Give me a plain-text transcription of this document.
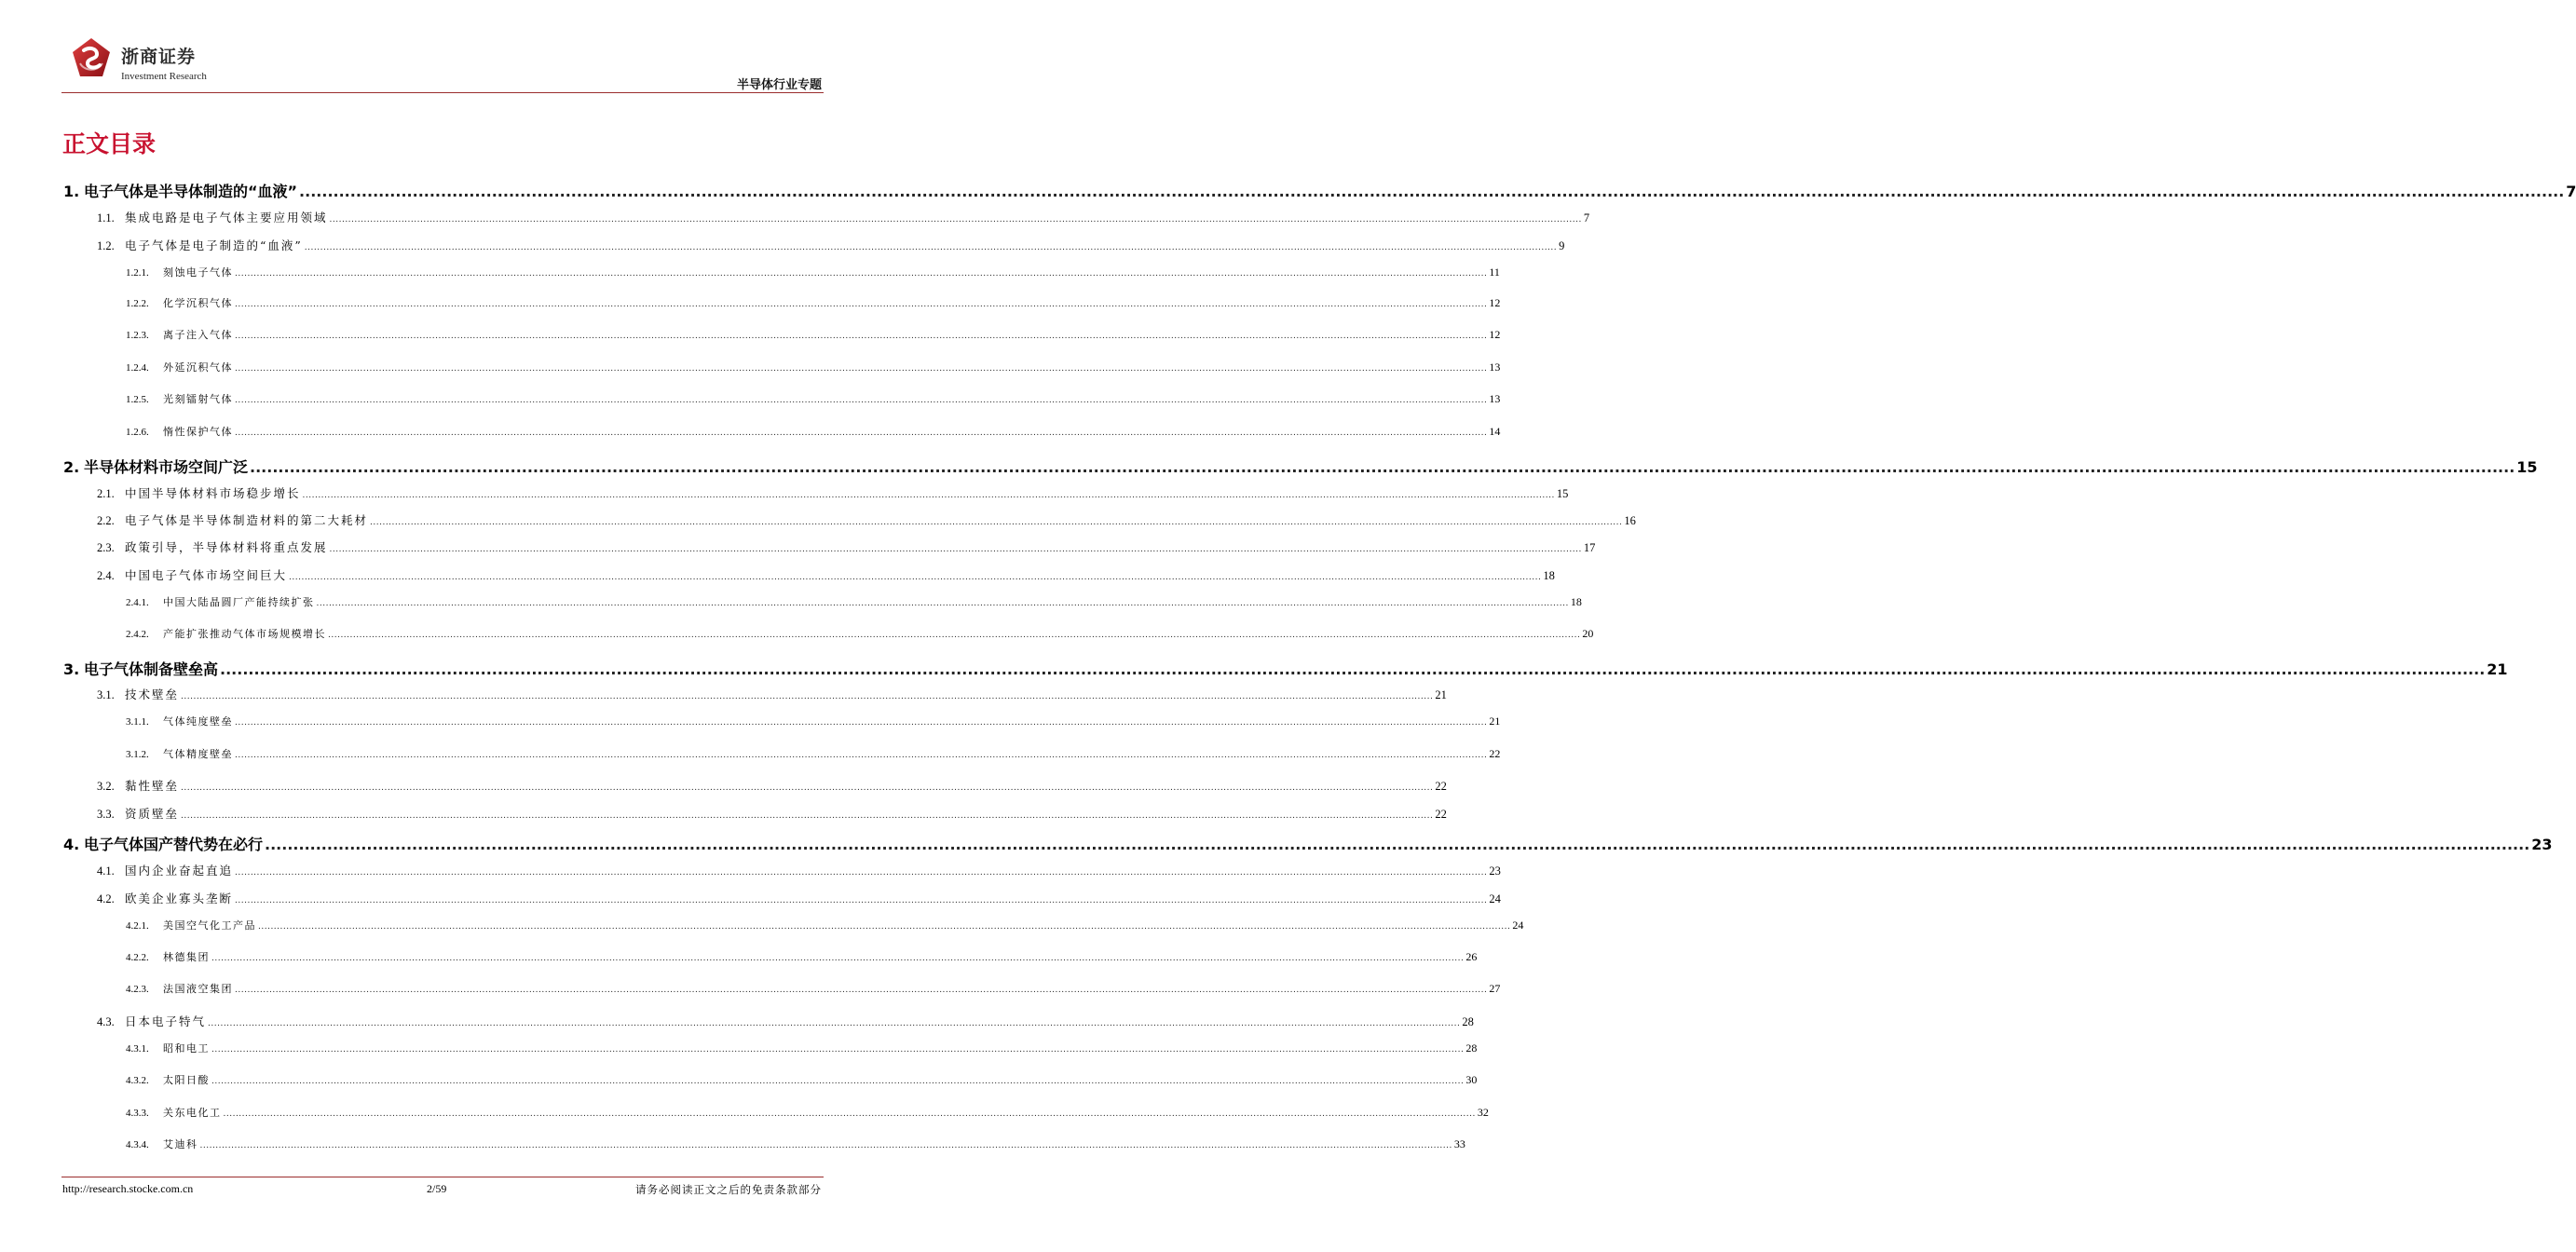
浙商证券
Investment Research
半导体行业专题
正文目录
1. 电子气体是半导体制造的“血液” ................................................................................................................................................................................................................................................................................................................................................................................................................ 7
1.1. 集成电路是电子气体主要应用领域 ................................................................................................................................................................................................................................................................................................................................................................................................................ 7
1.2. 电子气体是电子制造的“血液” ................................................................................................................................................................................................................................................................................................................................................................................................................ 9
1.2.1.	刻蚀电子气体 ................................................................................................................................................................................................................................................................................................................................................................................................................ 11
1.2.2.	化学沉积气体 ................................................................................................................................................................................................................................................................................................................................................................................................................ 12
1.2.3.	离子注入气体 ................................................................................................................................................................................................................................................................................................................................................................................................................ 12
1.2.4.	外延沉积气体 ................................................................................................................................................................................................................................................................................................................................................................................................................ 13
1.2.5.	光刻镭射气体 ................................................................................................................................................................................................................................................................................................................................................................................................................ 13
1.2.6.	惰性保护气体 ................................................................................................................................................................................................................................................................................................................................................................................................................ 14
2. 半导体材料市场空间广泛 ................................................................................................................................................................................................................................................................................................................................................................................................................ 15
2.1. 中国半导体材料市场稳步增长 ................................................................................................................................................................................................................................................................................................................................................................................................................ 15
2.2. 电子气体是半导体制造材料的第二大耗材 ................................................................................................................................................................................................................................................................................................................................................................................................................ 16
2.3. 政策引导，半导体材料将重点发展 ................................................................................................................................................................................................................................................................................................................................................................................................................ 17
2.4. 中国电子气体市场空间巨大 ................................................................................................................................................................................................................................................................................................................................................................................................................ 18
2.4.1.	中国大陆晶圆厂产能持续扩张 ................................................................................................................................................................................................................................................................................................................................................................................................................ 18
2.4.2.	产能扩张推动气体市场规模增长 ................................................................................................................................................................................................................................................................................................................................................................................................................ 20
3. 电子气体制备壁垒高 ................................................................................................................................................................................................................................................................................................................................................................................................................ 21
3.1. 技术壁垒 ................................................................................................................................................................................................................................................................................................................................................................................................................ 21
3.1.1.	气体纯度壁垒 ................................................................................................................................................................................................................................................................................................................................................................................................................ 21
3.1.2.	气体精度壁垒 ................................................................................................................................................................................................................................................................................................................................................................................................................ 22
3.2. 黏性壁垒 ................................................................................................................................................................................................................................................................................................................................................................................................................ 22
3.3. 资质壁垒 ................................................................................................................................................................................................................................................................................................................................................................................................................ 22
4. 电子气体国产替代势在必行 ................................................................................................................................................................................................................................................................................................................................................................................................................ 23
4.1. 国内企业奋起直追 ................................................................................................................................................................................................................................................................................................................................................................................................................ 23
4.2. 欧美企业寡头垄断 ................................................................................................................................................................................................................................................................................................................................................................................................................ 24
4.2.1.	美国空气化工产品 ................................................................................................................................................................................................................................................................................................................................................................................................................ 24
4.2.2.	林德集团 ................................................................................................................................................................................................................................................................................................................................................................................................................ 26
4.2.3.	法国液空集团 ................................................................................................................................................................................................................................................................................................................................................................................................................ 27
4.3. 日本电子特气 ................................................................................................................................................................................................................................................................................................................................................................................................................ 28
4.3.1.	昭和电工 ................................................................................................................................................................................................................................................................................................................................................................................................................ 28
4.3.2.	太阳日酸 ................................................................................................................................................................................................................................................................................................................................................................................................................ 30
4.3.3.	关东电化工 ................................................................................................................................................................................................................................................................................................................................................................................................................ 32
4.3.4.	艾迪科 ................................................................................................................................................................................................................................................................................................................................................................................................................ 33
http://research.stocke.com.cn	2/59	请务必阅读正文之后的免责条款部分
